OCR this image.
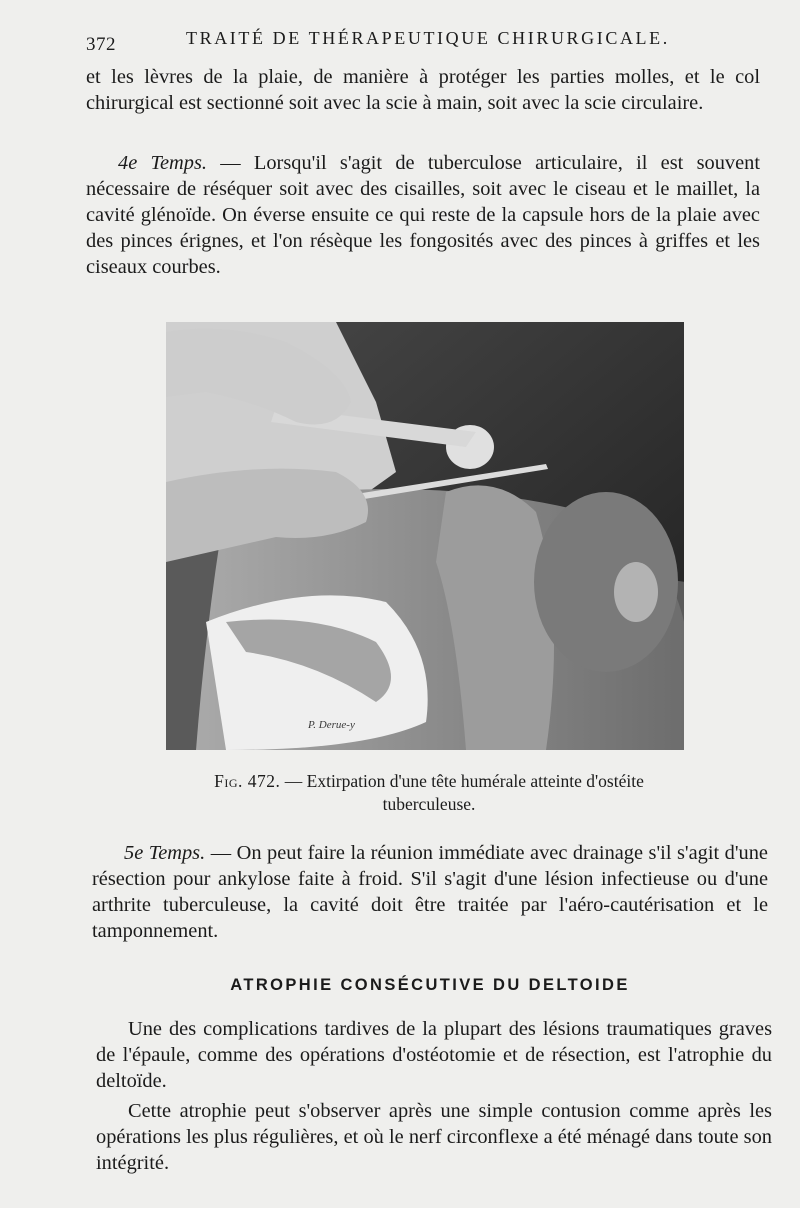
372	TRAITÉ DE THÉRAPEUTIQUE CHIRURGICALE.

et les lèvres de la plaie, de manière à protéger les parties molles, et le col chirurgical est sectionné soit avec la scie à main, soit avec la scie circulaire.

4e Temps. — Lorsqu'il s'agit de tuberculose articulaire, il est souvent nécessaire de réséquer soit avec des cisailles, soit avec le ciseau et le maillet, la cavité glénoïde. On éverse ensuite ce qui reste de la capsule hors de la plaie avec des pinces érignes, et l'on résèque les fongosités avec des pinces à griffes et les ciseaux courbes.

P. Derue-y
Fig. 472. — Extirpation d'une tête humérale atteinte d'ostéite tuberculeuse.

5e Temps. — On peut faire la réunion immédiate avec drainage s'il s'agit d'une résection pour ankylose faite à froid. S'il s'agit d'une lésion infectieuse ou d'une arthrite tuberculeuse, la cavité doit être traitée par l'aéro-cautérisation et le tamponnement.

ATROPHIE CONSÉCUTIVE DU DELTOIDE

Une des complications tardives de la plupart des lésions traumatiques graves de l'épaule, comme des opérations d'ostéotomie et de résection, est l'atrophie du deltoïde.

Cette atrophie peut s'observer après une simple contusion comme après les opérations les plus régulières, et où le nerf circonflexe a été ménagé dans toute son intégrité.
